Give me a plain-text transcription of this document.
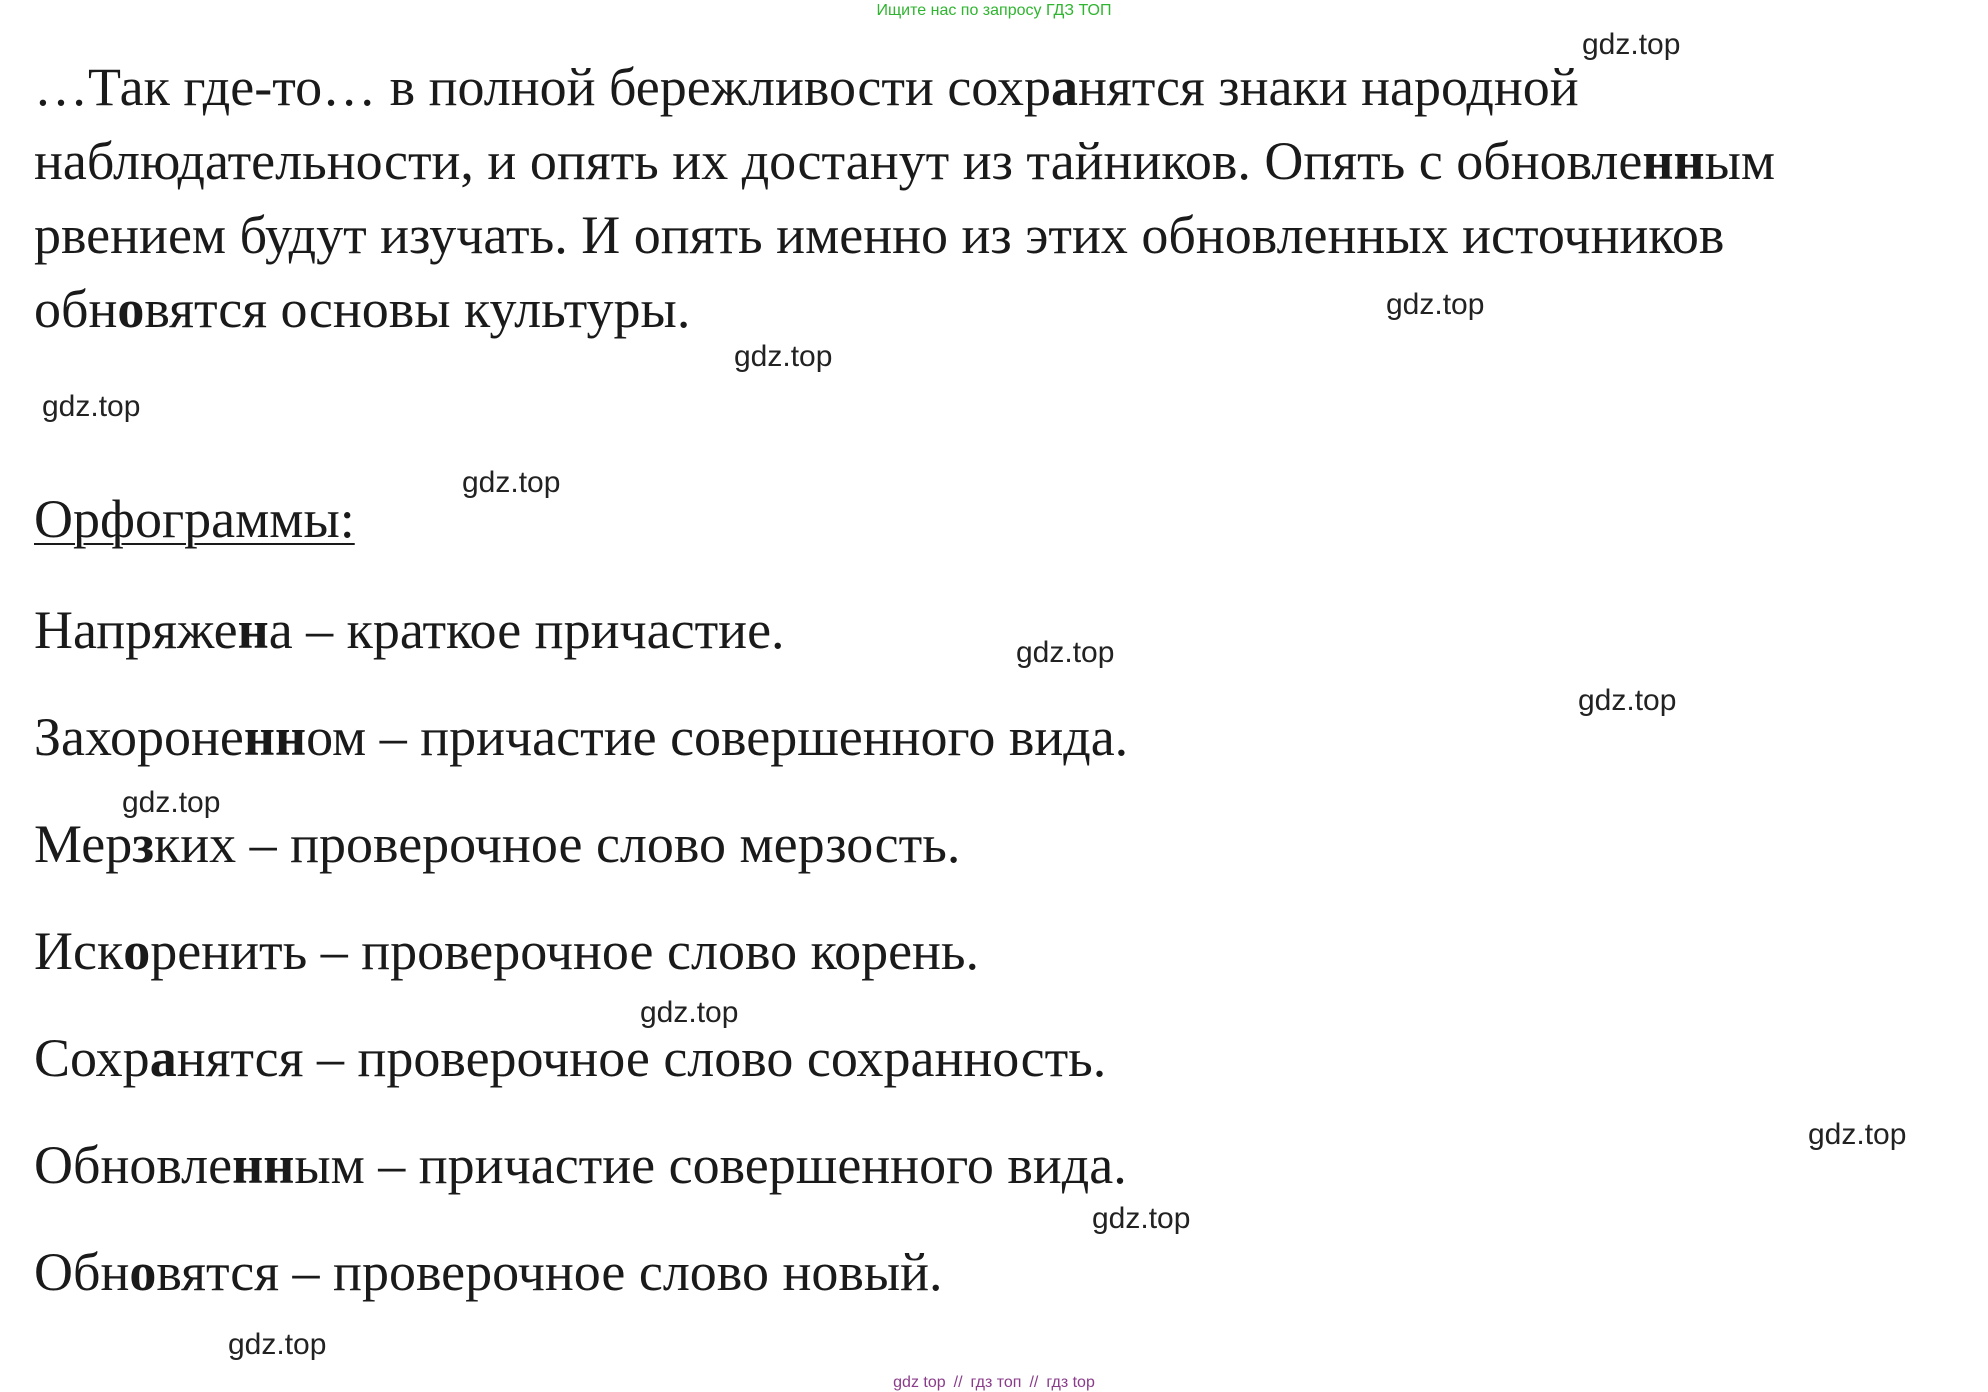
Ищите нас по запросу ГДЗ ТОП
…Так где-то… в полной бережливости сохранятся знаки народной наблюдательности, и опять их достанут из тайников. Опять с обновленным рвением будут изучать. И опять именно из этих обновленных источников обновятся основы культуры.
Орфограммы:
Напряжена – краткое причастие.
Захороненном – причастие совершенного вида.
Мерзких – проверочное слово мерзость.
Искоренить – проверочное слово корень.
Сохранятся – проверочное слово сохранность.
Обновленным – причастие совершенного вида.
Обновятся – проверочное слово новый.
gdz.top
gdz.top
gdz.top
gdz.top
gdz.top
gdz.top
gdz.top
gdz.top
gdz.top
gdz.top
gdz.top
gdz.top
gdz top // гдз топ // гдз top
